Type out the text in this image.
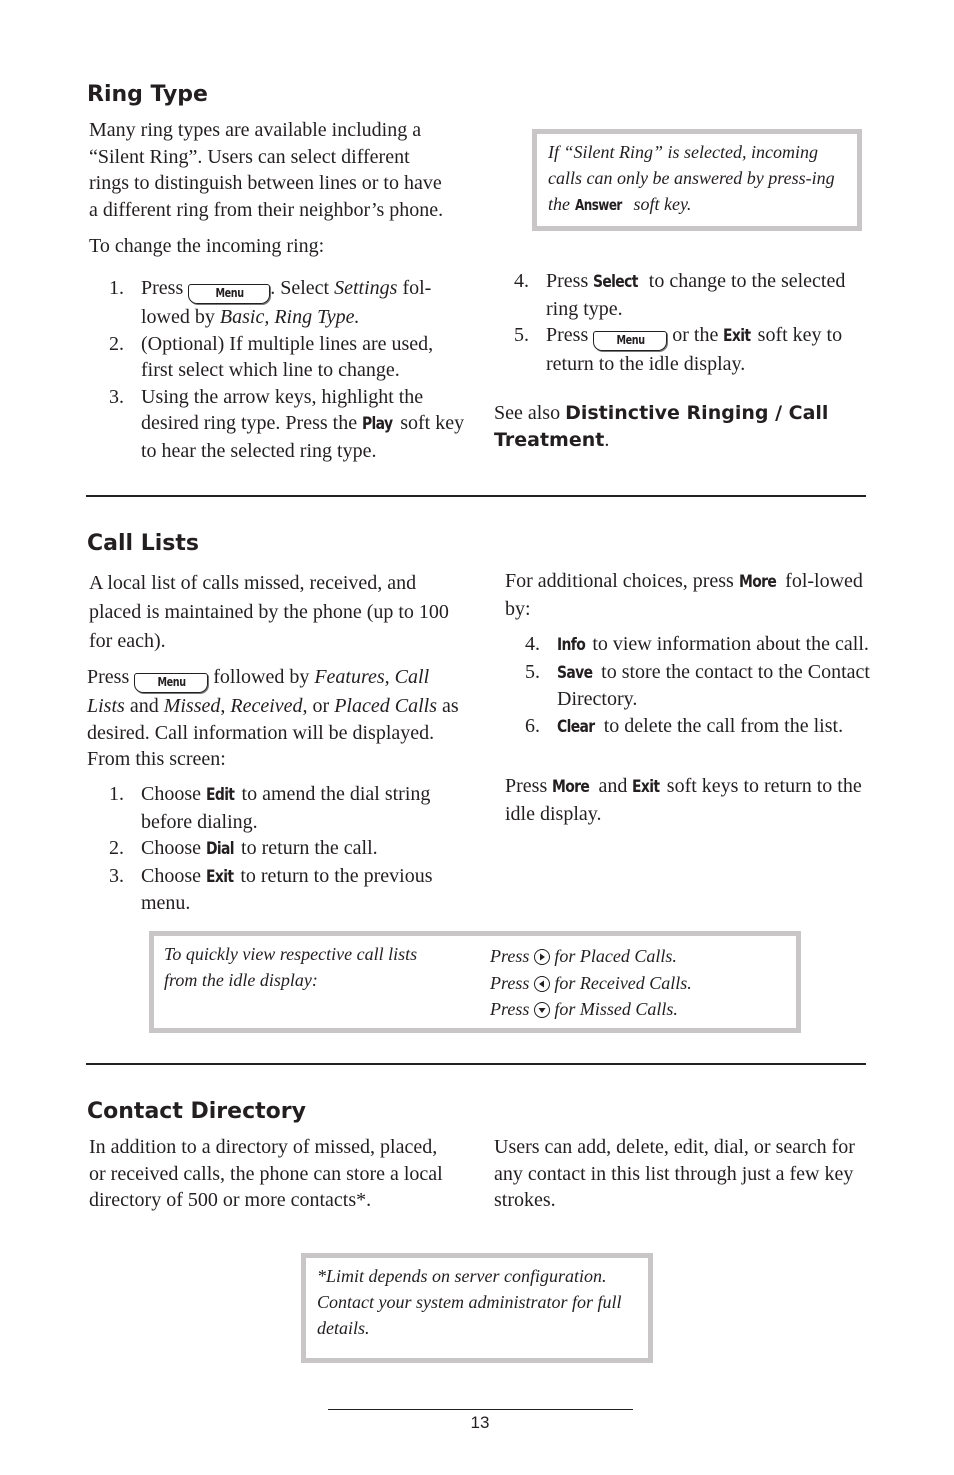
Ring Type

Many ring types are available including a

“Silent Ring”. Users can select different

rings to distinguish between lines or to have

a different ring from their neighbor’s phone.

To change the incoming ring:

If “Silent Ring” is selected, incoming calls can only be answered by press-ing the Answer soft key.
1. Press Menu . Select Settings fol-lowed by Basic, Ring Type.
2. (Optional) If multiple lines are used, first select which line to change.
3. Using the arrow keys, highlight the desired ring type. Press the Play soft key to hear the selected ring type.
4. Press Select to change to the selected ring type.
5. Press Menu or the Exit soft key to return to the idle display.

See also Distinctive Ringing / Call Treatment.

Call Lists

A local list of calls missed, received, and placed is maintained by the phone (up to 100 for each).

Press Menu followed by Features, Call Lists and Missed, Received, or Placed Calls as desired. Call information will be displayed. From this screen:

1. Choose Edit to amend the dial string before dialing.
2. Choose Dial to return the call.
3. Choose Exit to return to the previous menu.

For additional choices, press More fol-lowed by:

4. Info to view information about the call.
5. Save to store the contact to the Contact Directory.
6. Clear to delete the call from the list.

Press More and Exit soft keys to return to the idle display.

To quickly view respective call lists from the idle display:
Press
for Placed Calls.
Press
for Received Calls.
Press
for Missed Calls.
Contact Directory

In addition to a directory of missed, placed, or received calls, the phone can store a local directory of 500 or more contacts*.

Users can add, delete, edit, dial, or search for any contact in this list through just a few key strokes.

*Limit depends on server configuration. Contact your system administrator for full details.
13
